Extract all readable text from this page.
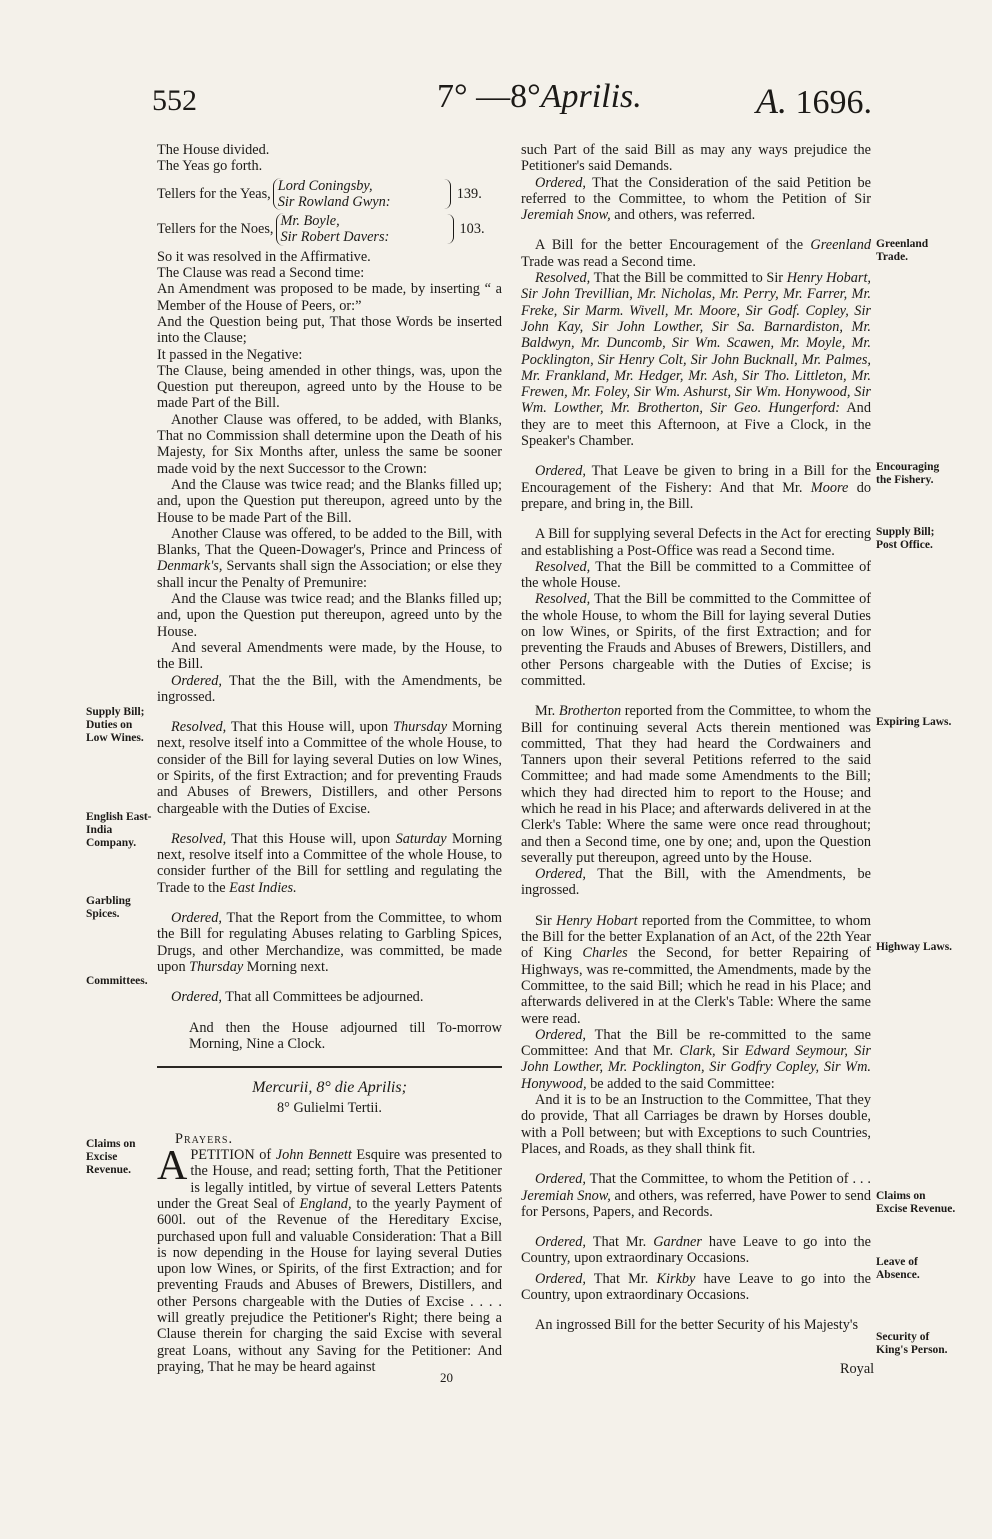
552	7° —8°Aprilis.	A. 1696.

The House divided.

The Yeas go forth.

Tellers for the Yeas,
Lord Coningsby,
Sir Rowland Gwyn:
139.
Tellers for the Noes,
Mr. Boyle,
Sir Robert Davers:
103.

So it was resolved in the Affirmative.

The Clause was read a Second time:

An Amendment was proposed to be made, by inserting “ a Member of the House of Peers, or:”

And the Question being put, That those Words be inserted into the Clause;

It passed in the Negative:

The Clause, being amended in other things, was, upon the Question put thereupon, agreed unto by the House to be made Part of the Bill.

Another Clause was offered, to be added, with Blanks, That no Commission shall determine upon the Death of his Majesty, for Six Months after, unless the same be sooner made void by the next Successor to the Crown:

And the Clause was twice read; and the Blanks filled up; and, upon the Question put thereupon, agreed unto by the House to be made Part of the Bill.

Another Clause was offered, to be added to the Bill, with Blanks, That the Queen-Dowager's, Prince and Princess of Denmark's, Servants shall sign the Association; or else they shall incur the Penalty of Premunire:

And the Clause was twice read; and the Blanks filled up; and, upon the Question put thereupon, agreed unto by the House.

And several Amendments were made, by the House, to the Bill.

Ordered, That the the Bill, with the Amendments, be ingrossed.

Resolved, That this House will, upon Thursday Morning next, resolve itself into a Committee of the whole House, to consider of the Bill for laying several Duties on low Wines, or Spirits, of the first Extraction; and for preventing Frauds and Abuses of Brewers, Distillers, and other Persons chargeable with the Duties of Excise.

Resolved, That this House will, upon Saturday Morning next, resolve itself into a Committee of the whole House, to consider further of the Bill for settling and regulating the Trade to the East Indies.

Ordered, That the Report from the Committee, to whom the Bill for regulating Abuses relating to Garbling Spices, Drugs, and other Merchandize, was committed, be made upon Thursday Morning next.

Ordered, That all Committees be adjourned.

And then the House adjourned till To-morrow Morning, Nine a Clock.

Mercurii, 8° die Aprilis;

8° Gulielmi Tertii.

Prayers.

APETITION of John Bennett Esquire was presented to the House, and read; setting forth, That the Petitioner is legally intitled, by virtue of several Letters Patents under the Great Seal of England, to the yearly Payment of 600l. out of the Revenue of the Hereditary Excise, purchased upon full and valuable Consideration: That a Bill is now depending in the House for laying several Duties upon low Wines, or Spirits, of the first Extraction; and for preventing Frauds and Abuses of Brewers, Distillers, and other Persons chargeable with the Duties of Excise . . . . will greatly prejudice the Petitioner's Right; there being a Clause therein for charging the said Excise with several great Loans, without any Saving for the Petitioner: And praying, That he may be heard against

such Part of the said Bill as may any ways prejudice the Petitioner's said Demands.

Ordered, That the Consideration of the said Petition be referred to the Committee, to whom the Petition of Sir Jeremiah Snow, and others, was referred.

A Bill for the better Encouragement of the Greenland Trade was read a Second time.

Resolved, That the Bill be committed to Sir Henry Hobart, Sir John Trevillian, Mr. Nicholas, Mr. Perry, Mr. Farrer, Mr. Freke, Sir Marm. Wivell, Mr. Moore, Sir Godf. Copley, Sir John Kay, Sir John Lowther, Sir Sa. Barnardiston, Mr. Baldwyn, Mr. Duncomb, Sir Wm. Scawen, Mr. Moyle, Mr. Pocklington, Sir Henry Colt, Sir John Bucknall, Mr. Palmes, Mr. Frankland, Mr. Hedger, Mr. Ash, Sir Tho. Littleton, Mr. Frewen, Mr. Foley, Sir Wm. Ashurst, Sir Wm. Honywood, Sir Wm. Lowther, Mr. Brotherton, Sir Geo. Hungerford: And they are to meet this Afternoon, at Five a Clock, in the Speaker's Chamber.

Ordered, That Leave be given to bring in a Bill for the Encouragement of the Fishery: And that Mr. Moore do prepare, and bring in, the Bill.

A Bill for supplying several Defects in the Act for erecting and establishing a Post-Office was read a Second time.

Resolved, That the Bill be committed to a Committee of the whole House.

Resolved, That the Bill be committed to the Committee of the whole House, to whom the Bill for laying several Duties on low Wines, or Spirits, of the first Extraction; and for preventing the Frauds and Abuses of Brewers, Distillers, and other Persons chargeable with the Duties of Excise; is committed.

Mr. Brotherton reported from the Committee, to whom the Bill for continuing several Acts therein mentioned was committed, That they had heard the Cordwainers and Tanners upon their several Petitions referred to the said Committee; and had made some Amendments to the Bill; which they had directed him to report to the House; and which he read in his Place; and afterwards delivered in at the Clerk's Table: Where the same were once read throughout; and then a Second time, one by one; and, upon the Question severally put thereupon, agreed unto by the House.

Ordered, That the Bill, with the Amendments, be ingrossed.

Sir Henry Hobart reported from the Committee, to whom the Bill for the better Explanation of an Act, of the 22th Year of King Charles the Second, for better Repairing of Highways, was re-committed, the Amendments, made by the Committee, to the said Bill; which he read in his Place; and afterwards delivered in at the Clerk's Table: Where the same were read.

Ordered, That the Bill be re-committed to the same Committee: And that Mr. Clark, Sir Edward Seymour, Sir John Lowther, Mr. Pocklington, Sir Godfry Copley, Sir Wm. Honywood, be added to the said Committee:

And it is to be an Instruction to the Committee, That they do provide, That all Carriages be drawn by Horses double, with a Poll between; but with Exceptions to such Countries, Places, and Roads, as they shall think fit.

Ordered, That the Committee, to whom the Petition of . . . Jeremiah Snow, and others, was referred, have Power to send for Persons, Papers, and Records.

Ordered, That Mr. Gardner have Leave to go into the Country, upon extraordinary Occasions.

Ordered, That Mr. Kirkby have Leave to go into the Country, upon extraordinary Occasions.

An ingrossed Bill for the better Security of his Majesty's

Supply Bill; Duties on Low Wines.
English East-India Company.
Garbling Spices.
Committees.
Claims on Excise Revenue.
Greenland Trade.
Encouraging the Fishery.
Supply Bill; Post Office.
Expiring Laws.
Highway Laws.
Claims on Excise Revenue.
Leave of Absence.
Security of King's Person.
20
Royal
